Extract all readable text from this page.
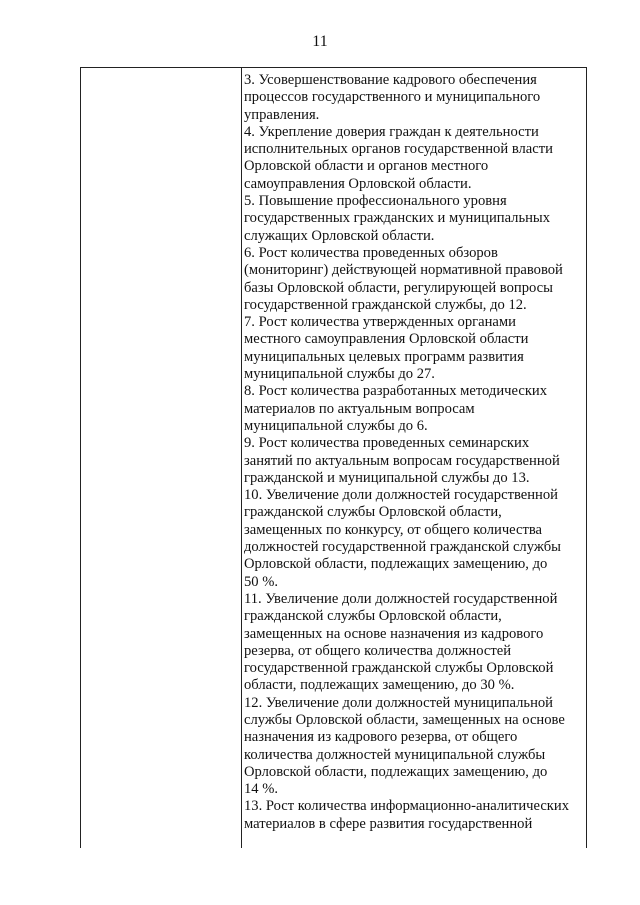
11
3. Усовершенствование кадрового обеспечения
процессов государственного и муниципального
управления.
4. Укрепление доверия граждан к деятельности
исполнительных органов государственной власти
Орловской области и органов местного
самоуправления Орловской области.
5. Повышение профессионального уровня
государственных гражданских и муниципальных
служащих Орловской области.
6. Рост количества проведенных обзоров
(мониторинг) действующей нормативной правовой
базы Орловской области, регулирующей вопросы
государственной гражданской службы, до 12.
7. Рост количества утвержденных органами
местного самоуправления Орловской области
муниципальных целевых программ развития
муниципальной службы до 27.
8. Рост количества разработанных методических
материалов по актуальным вопросам
муниципальной службы до 6.
9. Рост количества проведенных семинарских
занятий по актуальным вопросам государственной
гражданской и муниципальной службы до 13.
10. Увеличение доли должностей государственной
гражданской службы Орловской области,
замещенных по конкурсу, от общего количества
должностей государственной гражданской службы
Орловской области, подлежащих замещению, до
50 %.
11. Увеличение доли должностей государственной
гражданской службы Орловской области,
замещенных на основе назначения из кадрового
резерва, от общего количества должностей
государственной гражданской службы Орловской
области, подлежащих замещению, до 30 %.
12. Увеличение доли должностей муниципальной
службы Орловской области, замещенных на основе
назначения из кадрового резерва, от общего
количества должностей муниципальной службы
Орловской области, подлежащих замещению, до
14 %.
13. Рост количества информационно-аналитических
материалов в сфере развития государственной
